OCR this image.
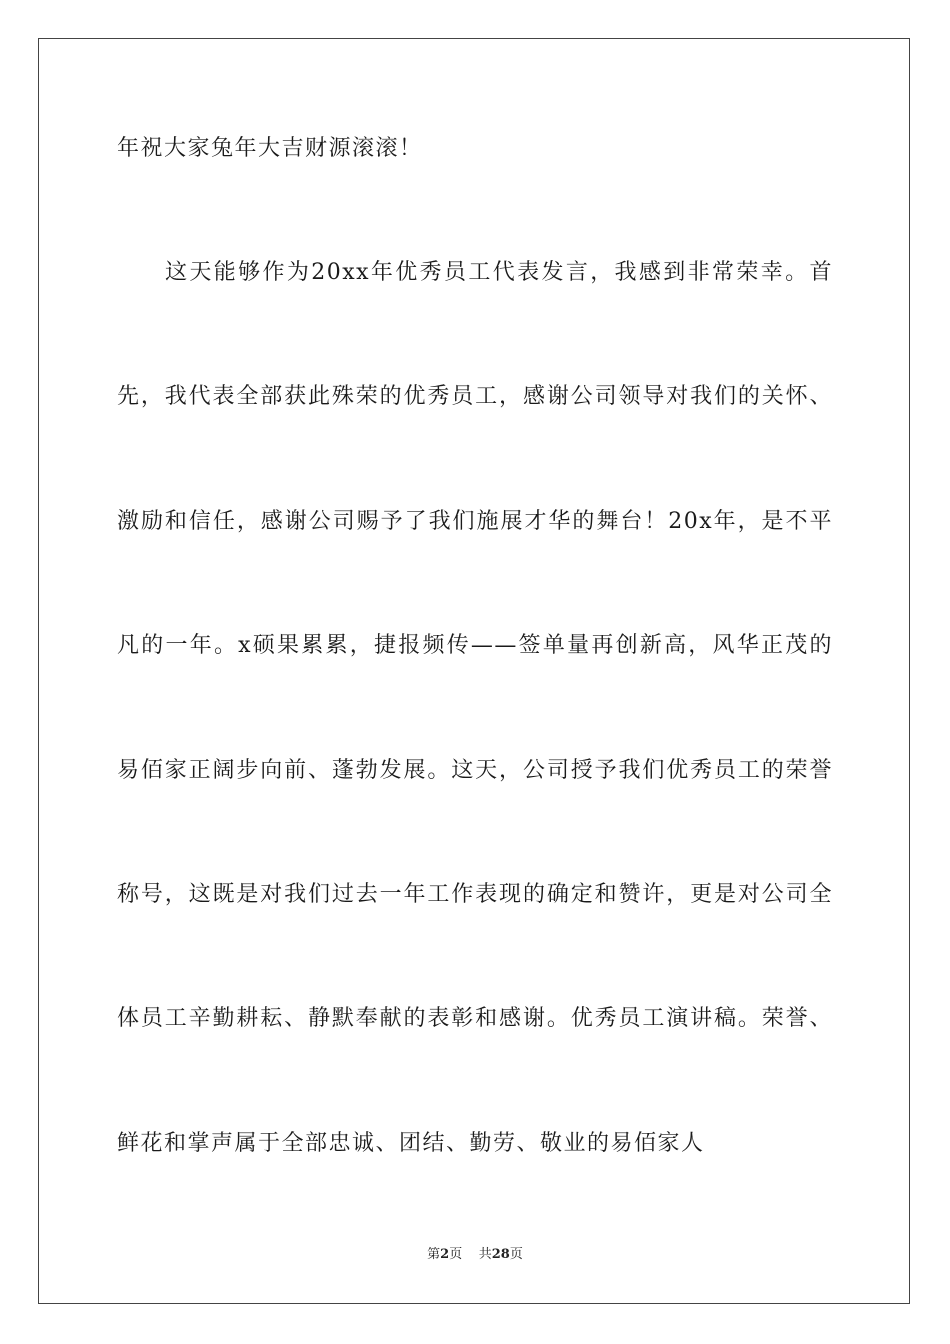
年祝大家兔年大吉财源滚滚！
这天能够作为20xx年优秀员工代表发言，我感到非常荣幸。首
先，我代表全部获此殊荣的优秀员工，感谢公司领导对我们的关怀、
激励和信任，感谢公司赐予了我们施展才华的舞台！20x年，是不平
凡的一年。x硕果累累，捷报频传——签单量再创新高，风华正茂的
易佰家正阔步向前、蓬勃发展。这天，公司授予我们优秀员工的荣誉
称号，这既是对我们过去一年工作表现的确定和赞许，更是对公司全
体员工辛勤耕耘、静默奉献的表彰和感谢。优秀员工演讲稿。荣誉、
鲜花和掌声属于全部忠诚、团结、勤劳、敬业的易佰家人
第2页 共28页
